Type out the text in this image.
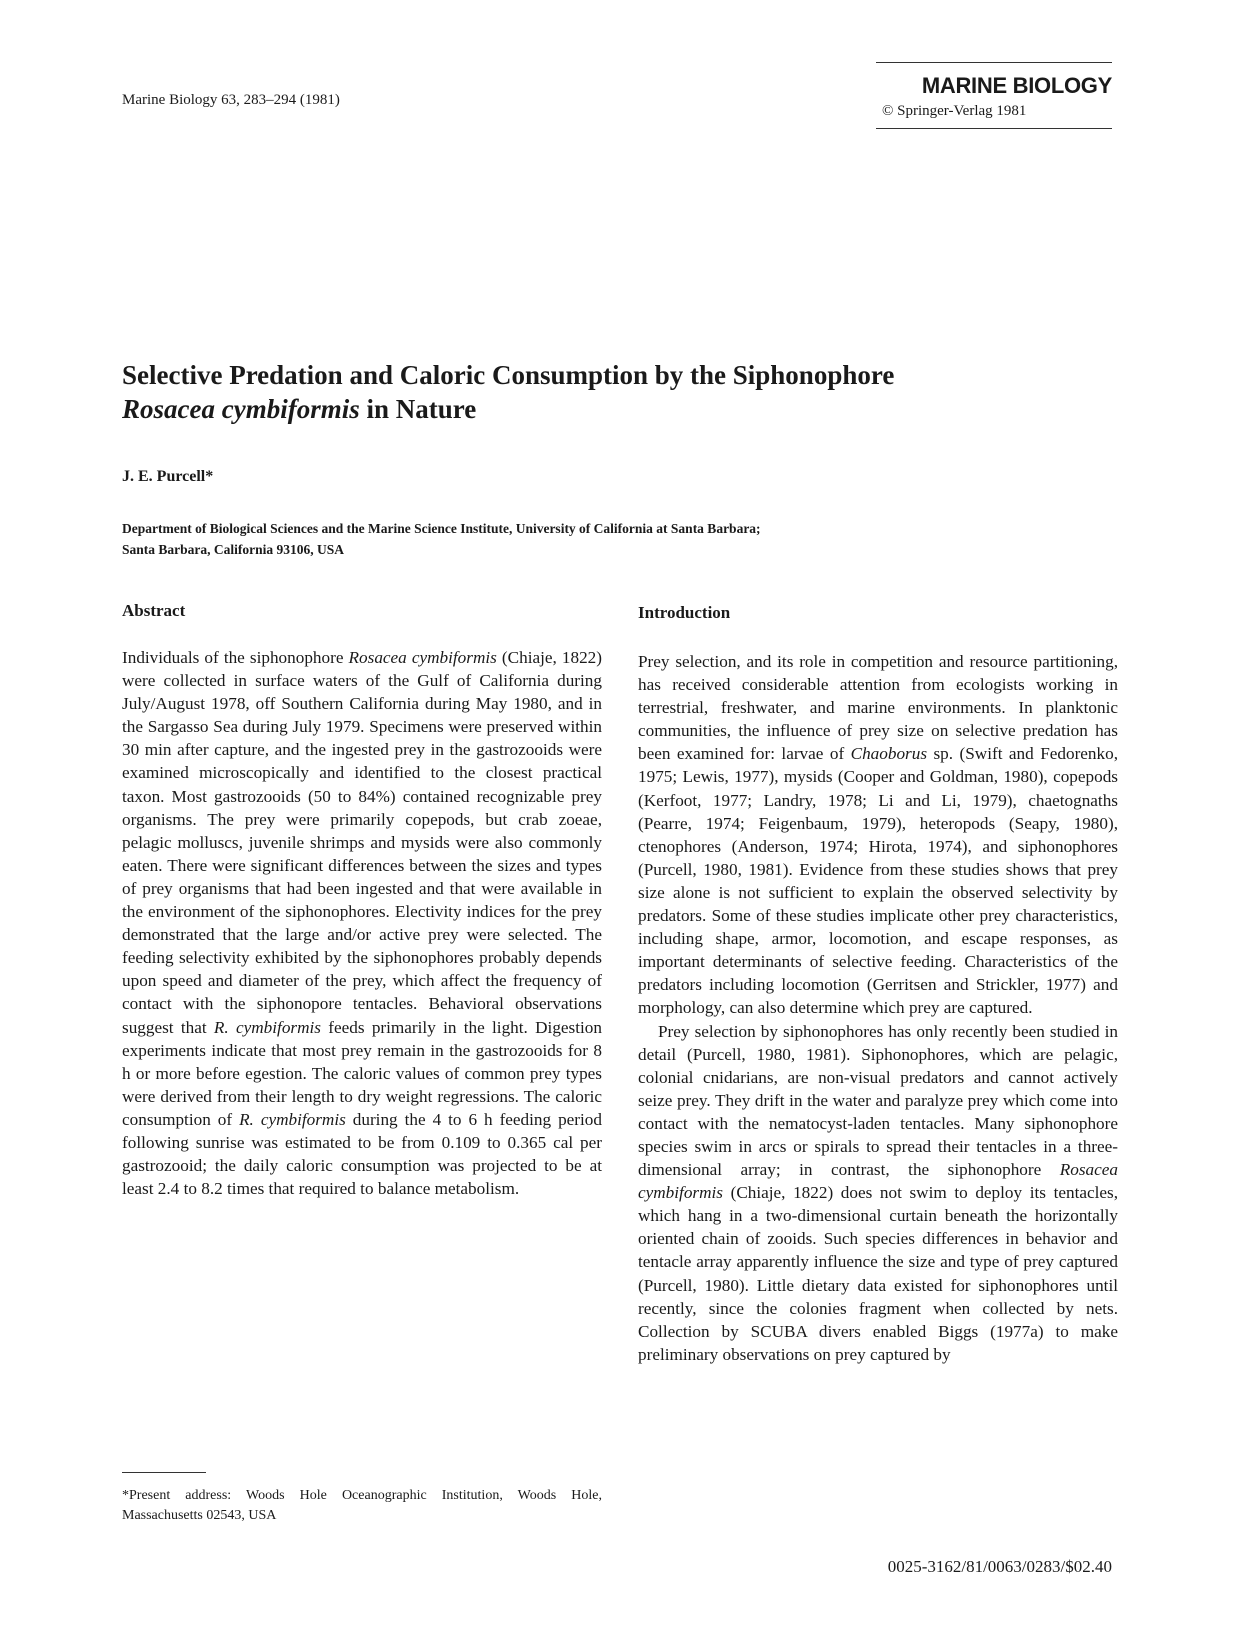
Marine Biology 63, 283–294 (1981)
MARINE BIOLOGY
© Springer-Verlag 1981
Selective Predation and Caloric Consumption by the Siphonophore
Rosacea cymbiformis in Nature
J. E. Purcell*
Department of Biological Sciences and the Marine Science Institute, University of California at Santa Barbara;
Santa Barbara, California 93106, USA
Abstract

Individuals of the siphonophore Rosacea cymbiformis (Chiaje, 1822) were collected in surface waters of the Gulf of California during July/August 1978, off Southern California during May 1980, and in the Sargasso Sea during July 1979. Specimens were preserved within 30 min after capture, and the ingested prey in the gastrozooids were examined microscopically and identified to the closest practical taxon. Most gastrozooids (50 to 84%) contained recognizable prey organisms. The prey were primarily copepods, but crab zoeae, pelagic molluscs, juvenile shrimps and mysids were also commonly eaten. There were significant differences between the sizes and types of prey organisms that had been ingested and that were available in the environment of the siphonophores. Electivity indices for the prey demonstrated that the large and/or active prey were selected. The feeding selectivity exhibited by the siphonophores probably depends upon speed and diameter of the prey, which affect the frequency of contact with the siphonopore tentacles. Behavioral observations suggest that R. cymbiformis feeds primarily in the light. Digestion experiments indicate that most prey remain in the gastrozooids for 8 h or more before egestion. The caloric values of common prey types were derived from their length to dry weight regressions. The caloric consumption of R. cymbiformis during the 4 to 6 h feeding period following sunrise was estimated to be from 0.109 to 0.365 cal per gastrozooid; the daily caloric consumption was projected to be at least 2.4 to 8.2 times that required to balance metabolism.

Introduction

Prey selection, and its role in competition and resource partitioning, has received considerable attention from ecologists working in terrestrial, freshwater, and marine environments. In planktonic communities, the influence of prey size on selective predation has been examined for: larvae of Chaoborus sp. (Swift and Fedorenko, 1975; Lewis, 1977), mysids (Cooper and Goldman, 1980), copepods (Kerfoot, 1977; Landry, 1978; Li and Li, 1979), chaetognaths (Pearre, 1974; Feigenbaum, 1979), heteropods (Seapy, 1980), ctenophores (Anderson, 1974; Hirota, 1974), and siphonophores (Purcell, 1980, 1981). Evidence from these studies shows that prey size alone is not sufficient to explain the observed selectivity by predators. Some of these studies implicate other prey characteristics, including shape, armor, locomotion, and escape responses, as important determinants of selective feeding. Characteristics of the predators including locomotion (Gerritsen and Strickler, 1977) and morphology, can also determine which prey are captured.

Prey selection by siphonophores has only recently been studied in detail (Purcell, 1980, 1981). Siphonophores, which are pelagic, colonial cnidarians, are non-visual predators and cannot actively seize prey. They drift in the water and paralyze prey which come into contact with the nematocyst-laden tentacles. Many siphonophore species swim in arcs or spirals to spread their tentacles in a three-dimensional array; in contrast, the siphonophore Rosacea cymbiformis (Chiaje, 1822) does not swim to deploy its tentacles, which hang in a two-dimensional curtain beneath the horizontally oriented chain of zooids. Such species differences in behavior and tentacle array apparently influence the size and type of prey captured (Purcell, 1980). Little dietary data existed for siphonophores until recently, since the colonies fragment when collected by nets. Collection by SCUBA divers enabled Biggs (1977a) to make preliminary observations on prey captured by

*Present address: Woods Hole Oceanographic Institution, Woods Hole, Massachusetts 02543, USA
0025-3162/81/0063/0283/$02.40
